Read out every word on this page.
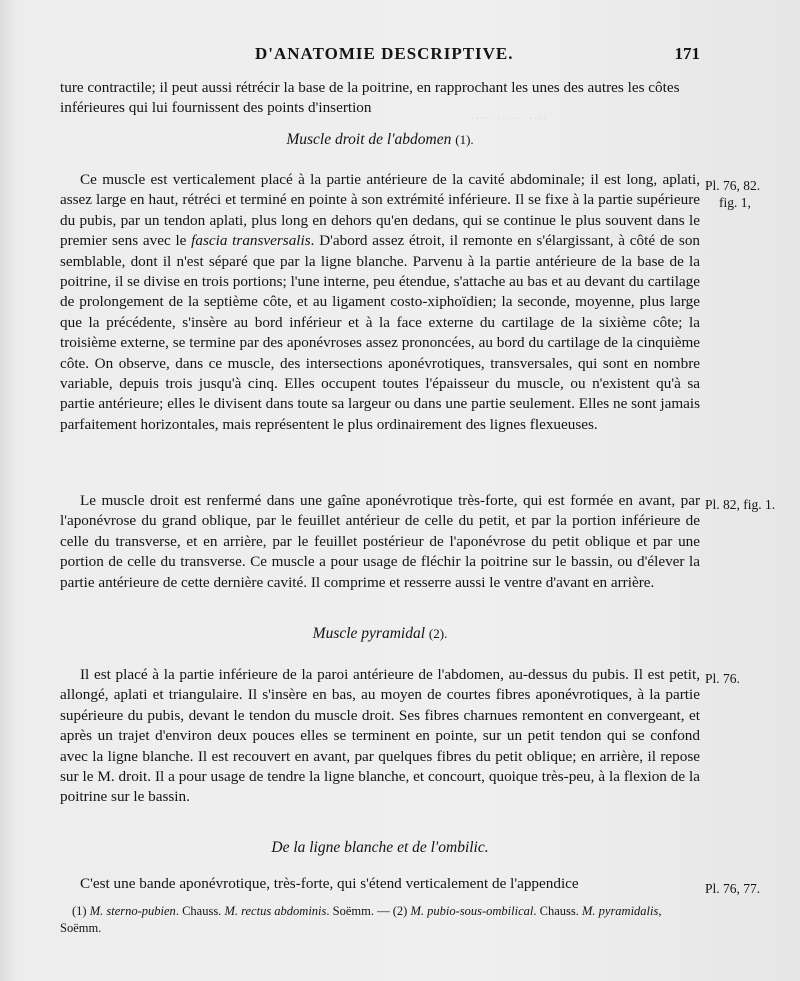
····· ····· ·····
D'ANATOMIE DESCRIPTIVE.	171

ture contractile; il peut aussi rétrécir la base de la poitrine, en rapprochant les unes des autres les côtes inférieures qui lui fournissent des points d'insertion

Muscle droit de l'abdomen (1).

Ce muscle est verticalement placé à la partie antérieure de la cavité abdominale; il est long, aplati, assez large en haut, rétréci et terminé en pointe à son extrémité inférieure. Il se fixe à la partie supérieure du pubis, par un tendon aplati, plus long en dehors qu'en dedans, qui se continue le plus souvent dans le premier sens avec le fascia transversalis. D'abord assez étroit, il remonte en s'élargissant, à côté de son semblable, dont il n'est séparé que par la ligne blanche. Parvenu à la partie antérieure de la base de la poitrine, il se divise en trois portions; l'une interne, peu étendue, s'attache au bas et au devant du cartilage de prolongement de la septième côte, et au ligament costo-xiphoïdien; la seconde, moyenne, plus large que la précédente, s'insère au bord inférieur et à la face externe du cartilage de la sixième côte; la troisième externe, se termine par des aponévroses assez prononcées, au bord du cartilage de la cinquième côte. On observe, dans ce muscle, des intersections aponévrotiques, transversales, qui sont en nombre variable, depuis trois jusqu'à cinq. Elles occupent toutes l'épaisseur du muscle, ou n'existent qu'à sa partie antérieure; elles le divisent dans toute sa largeur ou dans une partie seulement. Elles ne sont jamais parfaitement horizontales, mais représentent le plus ordinairement des lignes flexueuses.

Pl. 76, 82.
fig. 1,

Le muscle droit est renfermé dans une gaîne aponévrotique très-forte, qui est formée en avant, par l'aponévrose du grand oblique, par le feuillet antérieur de celle du petit, et par la portion inférieure de celle du transverse, et en arrière, par le feuillet postérieur de l'aponévrose du petit oblique et par une portion de celle du transverse. Ce muscle a pour usage de fléchir la poitrine sur le bassin, ou d'élever la partie antérieure de cette dernière cavité. Il comprime et resserre aussi le ventre d'avant en arrière.

Pl. 82, fig. 1.
Muscle pyramidal (2).

Il est placé à la partie inférieure de la paroi antérieure de l'abdomen, au-dessus du pubis. Il est petit, allongé, aplati et triangulaire. Il s'insère en bas, au moyen de courtes fibres aponévrotiques, à la partie supérieure du pubis, devant le tendon du muscle droit. Ses fibres charnues remontent en convergeant, et après un trajet d'environ deux pouces elles se terminent en pointe, sur un petit tendon qui se confond avec la ligne blanche. Il est recouvert en avant, par quelques fibres du petit oblique; en arrière, il repose sur le M. droit. Il a pour usage de tendre la ligne blanche, et concourt, quoique très-peu, à la flexion de la poitrine sur le bassin.

Pl. 76.
De la ligne blanche et de l'ombilic.

C'est une bande aponévrotique, très-forte, qui s'étend verticalement de l'appendice	Pl. 76, 77.

(1) M. sterno-pubien. Chauss. M. rectus abdominis. Soëmm. — (2) M. pubio-sous-ombilical. Chauss. M. pyramidalis, Soëmm.
